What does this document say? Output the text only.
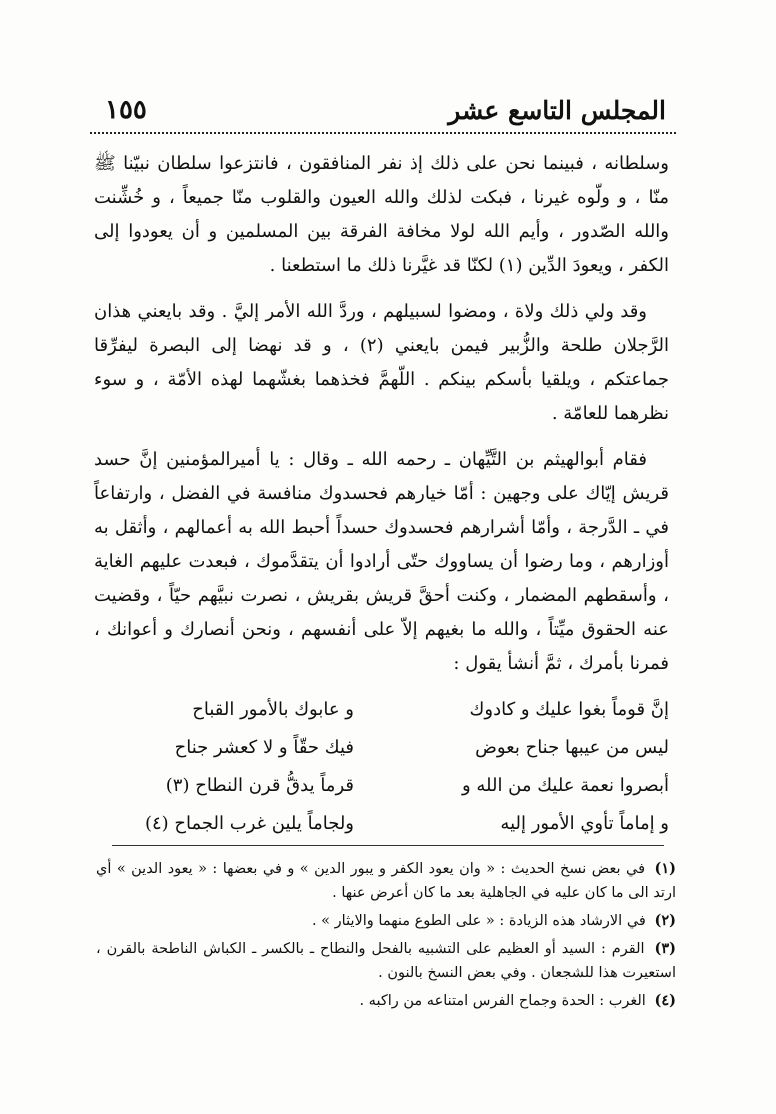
المجلس التاسع عشر
١٥٥

وسلطانه ، فبينما نحن على ذلك إذ نفر المنافقون ، فانتزعوا سلطان نبيّنا ﷺ منّا ، و ولّوه غيرنا ، فبكت لذلك والله العيون والقلوب منّا جميعاً ، و خُشِّنت والله الصّدور ، وأيم الله لولا مخافة الفرقة بين المسلمين و أن يعودوا إلى الكفر ، ويعودَ الدِّين (١) لكنّا قد غيَّرنا ذلك ما استطعنا .

وقد ولي ذلك ولاة ، ومضوا لسبيلهم ، وردَّ الله الأمر إليَّ . وقد بايعني هذان الرَّجلان طلحة والزُّبير فيمن بايعني (٢) ، و قد نهضا إلى البصرة ليفرِّقا جماعتكم ، ويلقيا بأسكم بينكم . اللّهمَّ فخذهما بغشّهما لهذه الأمّة ، و سوء نظرهما للعامّة .

فقام أبوالهيثم بن التَّيِّهان ـ رحمه الله ـ وقال : يا أميرالمؤمنين إنَّ حسد قريش إيّاك على وجهين : أمّا خيارهم فحسدوك منافسة في الفضل ، وارتفاعاً في ـ الدَّرجة ، وأمّا أشرارهم فحسدوك حسداً أحبط الله به أعمالهم ، وأثقل به أوزارهم ، وما رضوا أن يساووك حتّى أرادوا أن يتقدَّموك ، فبعدت عليهم الغاية ، وأسقطهم المضمار ، وكنت أحقَّ قريش بقريش ، نصرت نبيَّهم حيّاً ، وقضيت عنه الحقوق ميِّتاً ، والله ما بغيهم إلاّ على أنفسهم ، ونحن أنصارك و أعوانك ، فمرنا بأمرك ، ثمَّ أنشأ يقول :

إنَّ قوماً بغوا عليك و كادوك
و عابوك بالأمور القباح
ليس من عيبها جناح بعوض
فيك حقّاً و لا كعشر جناح
أبصروا نعمة عليك من الله و
قرماً يدقُّ قرن النطاح (٣)
و إماماً تأوي الأمور إليه
ولجاماً يلين غرب الجماح (٤)

(١) في بعض نسخ الحديث : « وان يعود الكفر و يبور الدين » و في بعضها : « يعود الدين » أي ارتد الى ما كان عليه في الجاهلية بعد ما كان أعرض عنها .

(٢) في الارشاد هذه الزيادة : « على الطوع منهما والايثار » .

(٣) القرم : السيد أو العظيم على التشبيه بالفحل والنطاح ـ بالكسر ـ الكباش الناطحة بالقرن ، استعيرت هذا للشجعان . وفي بعض النسخ بالنون .

(٤) الغرب : الحدة وجماح الفرس امتناعه من راكبه .
